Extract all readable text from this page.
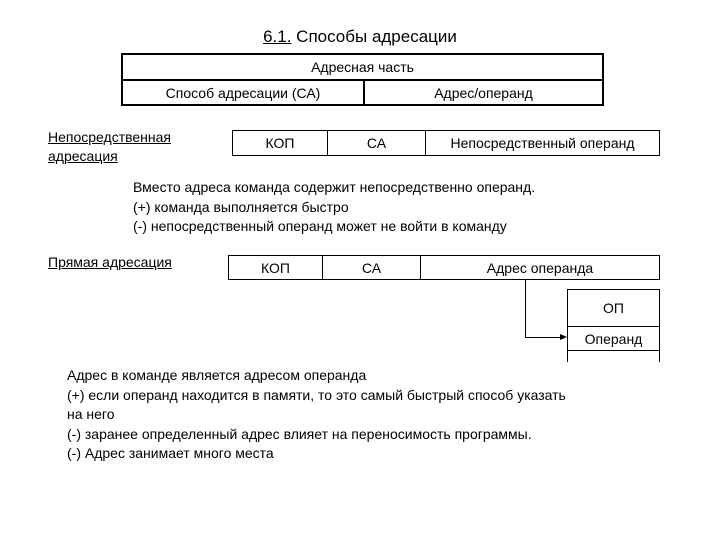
6.1. Способы адресации
Адресная часть
Способ адресации (СА)	Адрес/операнд
Непосредственная адресация
КОП	СА	Непосредственный операнд
Вместо адреса команда содержит непосредственно операнд.
(+) команда выполняется быстро
(-) непосредственный операнд может не войти в команду
Прямая адресация	КОП	СА	Адрес операнда
ОП
Операнд
Адрес в команде является адресом операнда
(+) если операнд находится в памяти, то это самый быстрый способ указать
на него
(-) заранее определенный адрес влияет на переносимость программы.
(-) Адрес занимает много места
